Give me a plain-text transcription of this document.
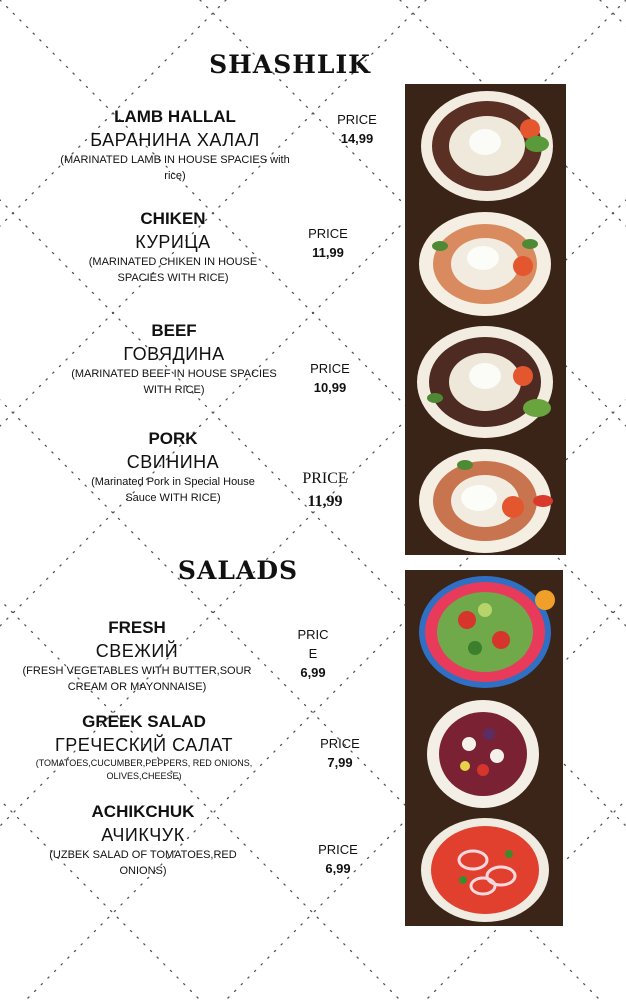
SHASHLIK
LAMB HALLAL
БАРАНИНА ХАЛАЛ
(MARINATED LAMB IN HOUSE SPACIES with
rice)
PRICE
14,99
CHIKEN
КУРИЦА
(MARINATED CHIKEN IN HOUSE
SPACIES WITH RICE)
PRICE
11,99
BEEF
ГОВЯДИНА
(MARINATED BEEF IN HOUSE SPACIES
WITH RICE)
PRICE
10,99
PORK
СВИНИНА
(Marinated Pork in Special House
Sauce WITH RICE)
PRICE
11,99
SALADS
FRESH
СВЕЖИЙ
(FRESH VEGETABLES WITH BUTTER,SOUR
CREAM OR MAYONNAISE)
PRIC
E
6,99
GREEK SALAD
ГРЕЧЕСКИЙ САЛАТ
(TOMATOES,CUCUMBER,PEPPERS, RED ONIONS,
OLIVES,CHEESE)
PRICE
7,99
ACHIKCHUK
АЧИКЧУК
(UZBEK SALAD OF TOMATOES,RED
ONIONS)
PRICE
6,99
